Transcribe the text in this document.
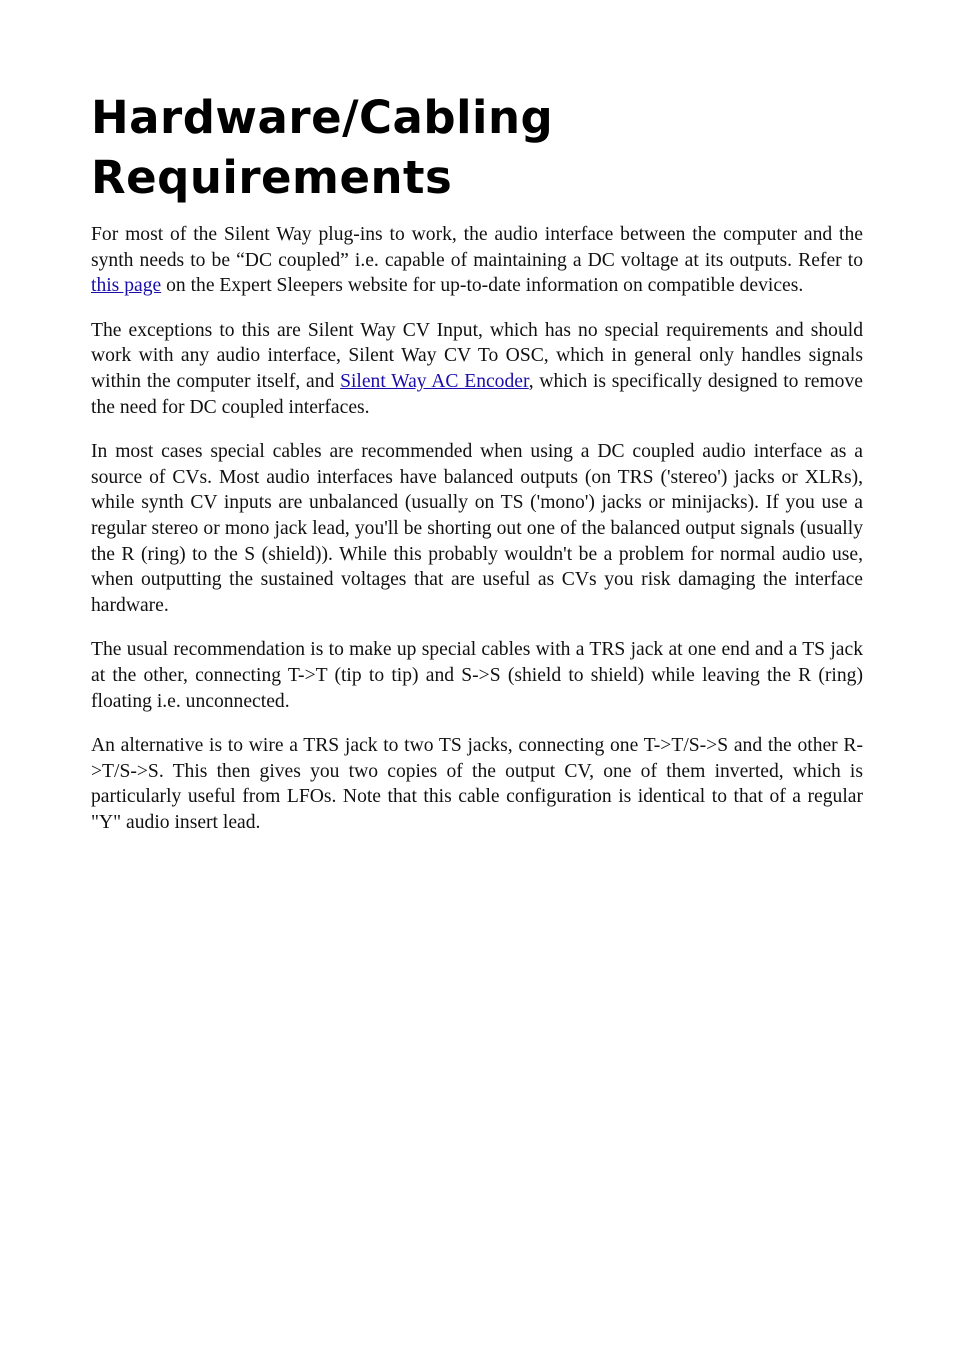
Hardware/Cabling Requirements

For most of the Silent Way plug-ins to work, the audio interface between the computer and the synth needs to be “DC coupled” i.e. capable of maintaining a DC voltage at its outputs. Refer to this page on the Expert Sleepers website for up-to-date information on compatible devices.

The exceptions to this are Silent Way CV Input, which has no special requirements and should work with any audio interface, Silent Way CV To OSC, which in general only handles signals within the computer itself, and Silent Way AC Encoder, which is specifically designed to remove the need for DC coupled interfaces.

In most cases special cables are recommended when using a DC coupled audio interface as a source of CVs. Most audio interfaces have balanced outputs (on TRS ('stereo') jacks or XLRs), while synth CV inputs are unbalanced (usually on TS ('mono') jacks or minijacks). If you use a regular stereo or mono jack lead, you'll be shorting out one of the balanced output signals (usually the R (ring) to the S (shield)). While this probably wouldn't be a problem for normal audio use, when outputting the sustained voltages that are useful as CVs you risk damaging the interface hardware.

The usual recommendation is to make up special cables with a TRS jack at one end and a TS jack at the other, connecting T->T (tip to tip) and S->S (shield to shield) while leaving the R (ring) floating i.e. unconnected.

An alternative is to wire a TRS jack to two TS jacks, connecting one T->T/S->S and the other R->T/S->S. This then gives you two copies of the output CV, one of them inverted, which is particularly useful from LFOs. Note that this cable configuration is identical to that of a regular "Y" audio insert lead.
